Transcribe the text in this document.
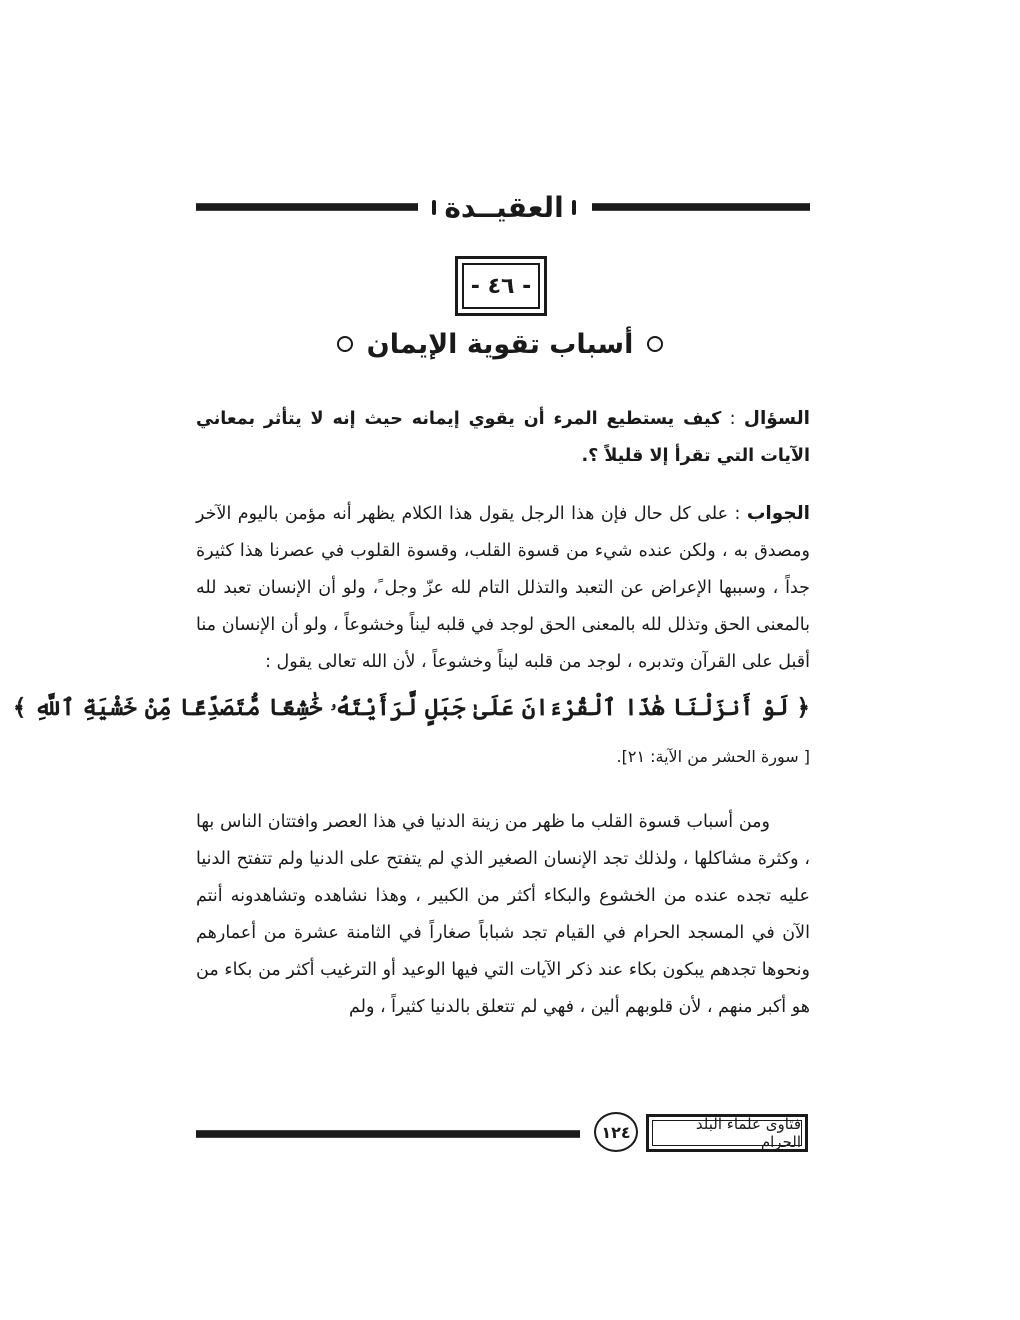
العقيــدة
- ٤٦ -
أسباب تقوية الإيمان
السؤال : كيف يستطيع المرء أن يقوي إيمانه حيث إنه لا يتأثر بمعاني الآيات التي تقرأ إلا قليلاً ؟.
الجواب : على كل حال فإن هذا الرجل يقول هذا الكلام يظهر أنه مؤمن باليوم الآخر ومصدق به ، ولكن عنده شيء من قسوة القلب، وقسوة القلوب في عصرنا هذا كثيرة جداً ، وسببها الإعراض عن التعبد والتذلل التام لله عزّ وجل ً، ولو أن الإنسان تعبد لله بالمعنى الحق وتذلل لله بالمعنى الحق لوجد في قلبه ليناً وخشوعاً ، ولو أن الإنسان منا أقبل على القرآن وتدبره ، لوجد من قلبه ليناً وخشوعاً ، لأن الله تعالى يقول :
﴿ لَوْ أَنزَلْنَا هَٰذَا ٱلْقُرْءَانَ عَلَىٰ جَبَلٍ لَّرَأَيْتَهُۥ خَٰشِعًا مُّتَصَدِّعًا مِّنْ خَشْيَةِ ٱللَّهِ ﴾
[ سورة الحشر من الآية: ٢١].
ومن أسباب قسوة القلب ما ظهر من زينة الدنيا في هذا العصر وافتتان الناس بها ، وكثرة مشاكلها ، ولذلك تجد الإنسان الصغير الذي لم يتفتح على الدنيا ولم تتفتح الدنيا عليه تجده عنده من الخشوع والبكاء أكثر من الكبير ، وهذا نشاهده وتشاهدونه أنتم الآن في المسجد الحرام في القيام تجد شباباً صغاراً في الثامنة عشرة من أعمارهم ونحوها تجدهم يبكون بكاء عند ذكر الآيات التي فيها الوعيد أو الترغيب أكثر من بكاء من هو أكبر منهم ، لأن قلوبهم ألين ، فهي لم تتعلق بالدنيا كثيراً ، ولم
١٢٤	فتاوى علماء البلد الحرام
